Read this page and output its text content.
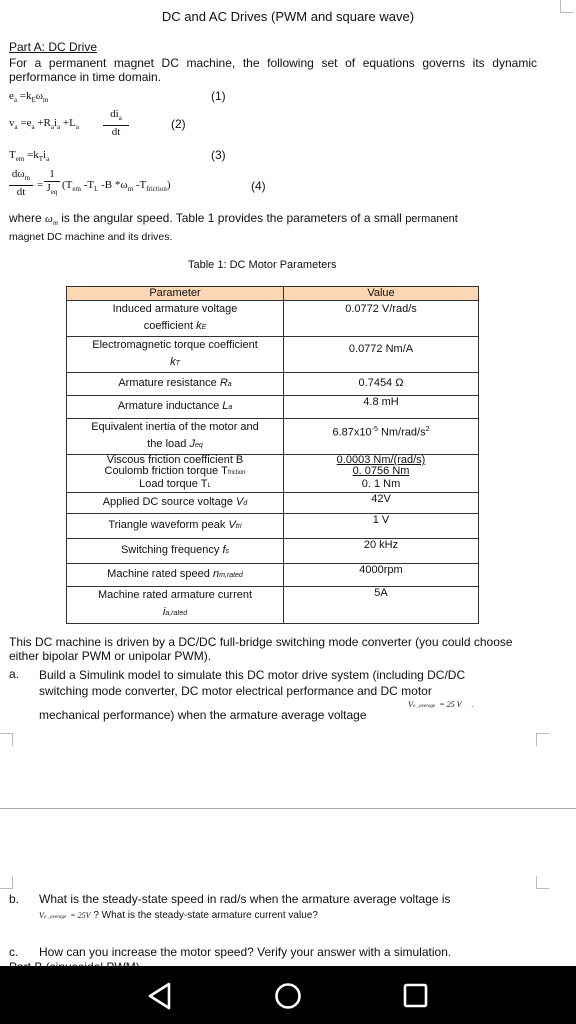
DC and AC Drives (PWM and square wave)
Part A: DC Drive
For a permanent magnet DC machine, the following set of equations governs its dynamic performance in time domain.
$e_a =k_E\omega_m$	(1)
$v_a =e_a +R_ai_a +L_a$
$di_a$
dt
(2)
$T_{em} =k_Ti_a$	(3)
$d\omega_m$
dt
=
1
$J_{eq}$
($T_{em}$ $-T_L$ -B $*\omega_m$ $-T_{friction}$)	(4)
where $\omega_m$ is the angular speed. Table 1 provides the parameters of a small permanent
magnet DC machine and its drives.
Table 1: DC Motor Parameters
Parameter	Value
Induced armature voltage
coefficient kE	0.0772 V/rad/s
Electromagnetic torque coefficient
kT	0.0772 Nm/A
Armature resistance Ra	0.7454 Ω
Armature inductance La	4.8 mH
Equivalent inertia of the motor and
the load Jeq	$6.87x10^{-5}$ $Nm/rad/s^2$
Viscous friction coefficient B	0.0003 Nm/(rad/s)
Coulomb friction torque Tfriction	0. 0756 Nm
Load torque TL	0. 1 Nm
Applied DC source voltage Vd	42V
Triangle waveform peak Vtri	1 V
Switching frequency fs	20 kHz
Machine rated speed nm,rated	4000rpm
Machine rated armature current
ia,rated	5A
This DC machine is driven by a DC/DC full-bridge switching mode converter (you could choose either bipolar PWM or unipolar PWM).
a. Build a Simulink model to simulate this DC motor drive system (including DC/DC
switching mode converter, DC motor electrical performance and DC motor
mechanical performance) when the armature average voltage
Vo _average  = 25 V .
b. What is the steady-state speed in rad/s when the armature average voltage is
Vo _average  = 25V ? What is the steady-state armature current value?
c. How can you increase the motor speed? Verify your answer with a simulation.
